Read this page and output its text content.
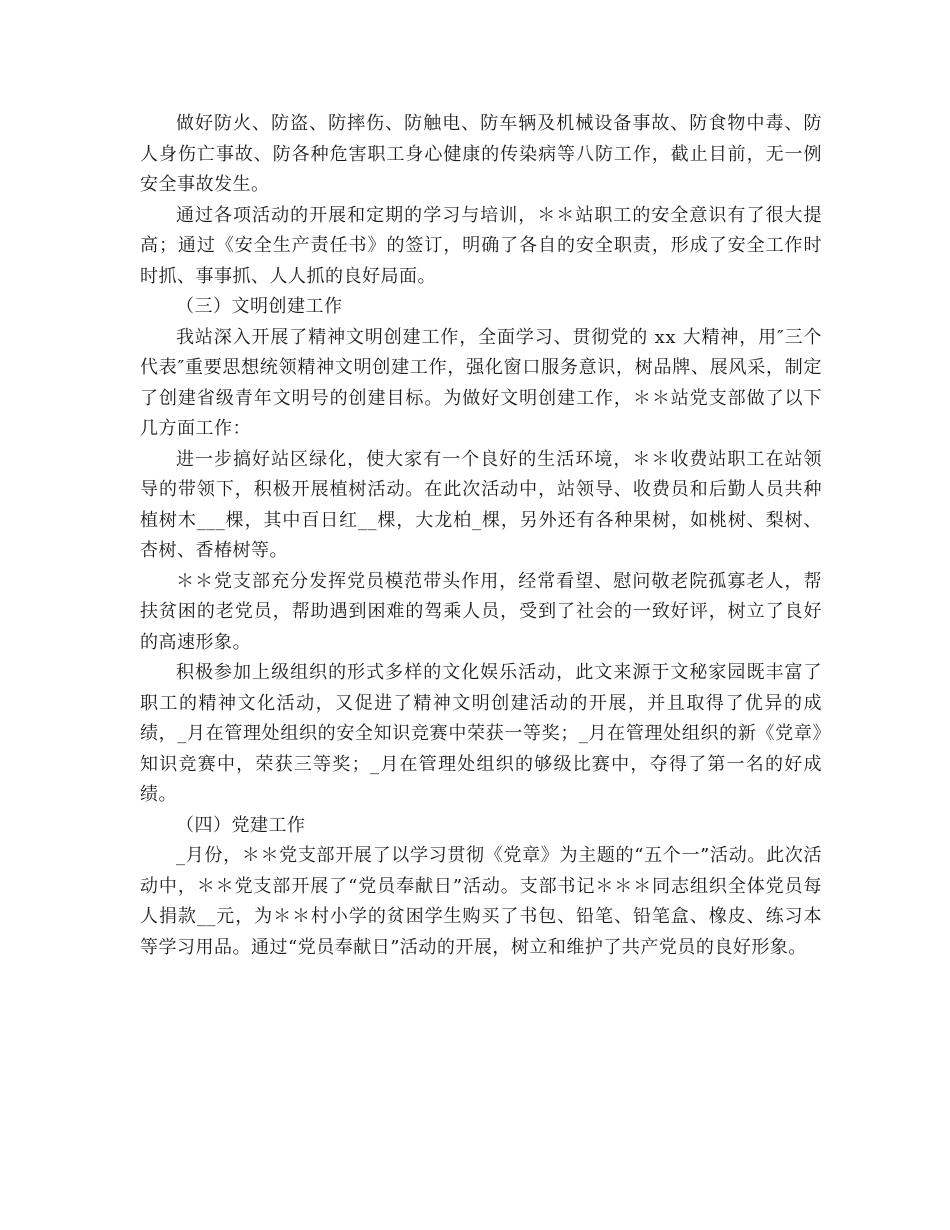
做好防火、防盗、防摔伤、防触电、防车辆及机械设备事故、防食物中毒、防人身伤亡事故、防各种危害职工身心健康的传染病等八防工作，截止目前，无一例安全事故发生。

通过各项活动的开展和定期的学习与培训，＊＊站职工的安全意识有了很大提高；通过《安全生产责任书》的签订，明确了各自的安全职责，形成了安全工作时时抓、事事抓、人人抓的良好局面。

（三）文明创建工作

我站深入开展了精神文明创建工作，全面学习、贯彻党的 xx 大精神，用″三个代表″重要思想统领精神文明创建工作，强化窗口服务意识，树品牌、展风采，制定了创建省级青年文明号的创建目标。为做好文明创建工作，＊＊站党支部做了以下几方面工作：

进一步搞好站区绿化，使大家有一个良好的生活环境，＊＊收费站职工在站领导的带领下，积极开展植树活动。在此次活动中，站领导、收费员和后勤人员共种植树木___棵，其中百日红__棵，大龙柏_棵，另外还有各种果树，如桃树、梨树、杏树、香椿树等。

＊＊党支部充分发挥党员模范带头作用，经常看望、慰问敬老院孤寡老人，帮扶贫困的老党员，帮助遇到困难的驾乘人员，受到了社会的一致好评，树立了良好的高速形象。

积极参加上级组织的形式多样的文化娱乐活动，此文来源于文秘家园既丰富了职工的精神文化活动，又促进了精神文明创建活动的开展，并且取得了优异的成绩，_月在管理处组织的安全知识竞赛中荣获一等奖；_月在管理处组织的新《党章》知识竞赛中，荣获三等奖；_月在管理处组织的够级比赛中，夺得了第一名的好成绩。

（四）党建工作

_月份，＊＊党支部开展了以学习贯彻《党章》为主题的“五个一”活动。此次活动中，＊＊党支部开展了“党员奉献日”活动。支部书记＊＊＊同志组织全体党员每人捐款__元，为＊＊村小学的贫困学生购买了书包、铅笔、铅笔盒、橡皮、练习本等学习用品。通过“党员奉献日”活动的开展，树立和维护了共产党员的良好形象。
